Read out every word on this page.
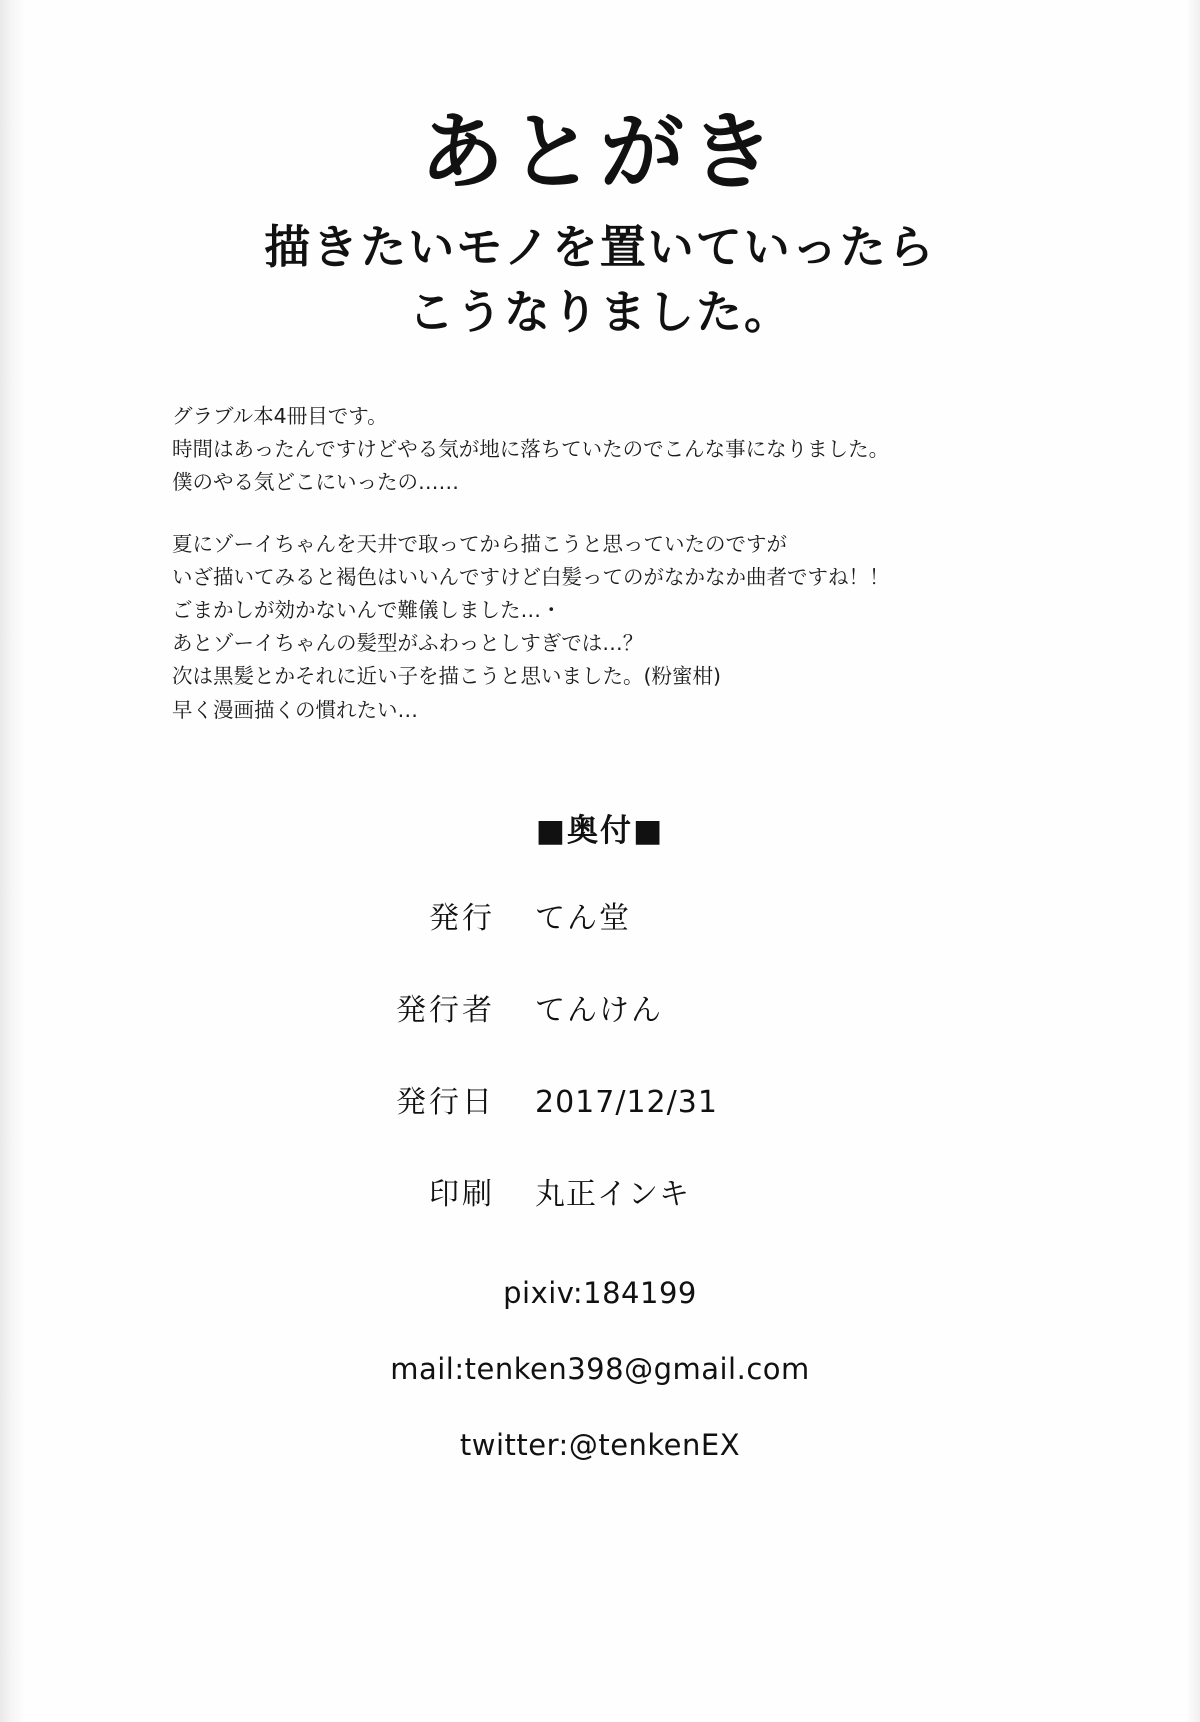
あとがき
描きたいモノを置いていったら
こうなりました。

グラブル本4冊目です。

時間はあったんですけどやる気が地に落ちていたのでこんな事になりました。

僕のやる気どこにいったの……

夏にゾーイちゃんを天井で取ってから描こうと思っていたのですが

いざ描いてみると褐色はいいんですけど白髪ってのがなかなか曲者ですね！！

ごまかしが効かないんで難儀しました…・

あとゾーイちゃんの髪型がふわっとしすぎでは…？

次は黒髪とかそれに近い子を描こうと思いました。(粉蜜柑)

早く漫画描くの慣れたい…

■奥付■
発行	てん堂
発行者	てんけん
発行日	2017/12/31
印刷	丸正インキ
pixiv:184199
mail:tenken398@gmail.com
twitter:@tenkenEX
